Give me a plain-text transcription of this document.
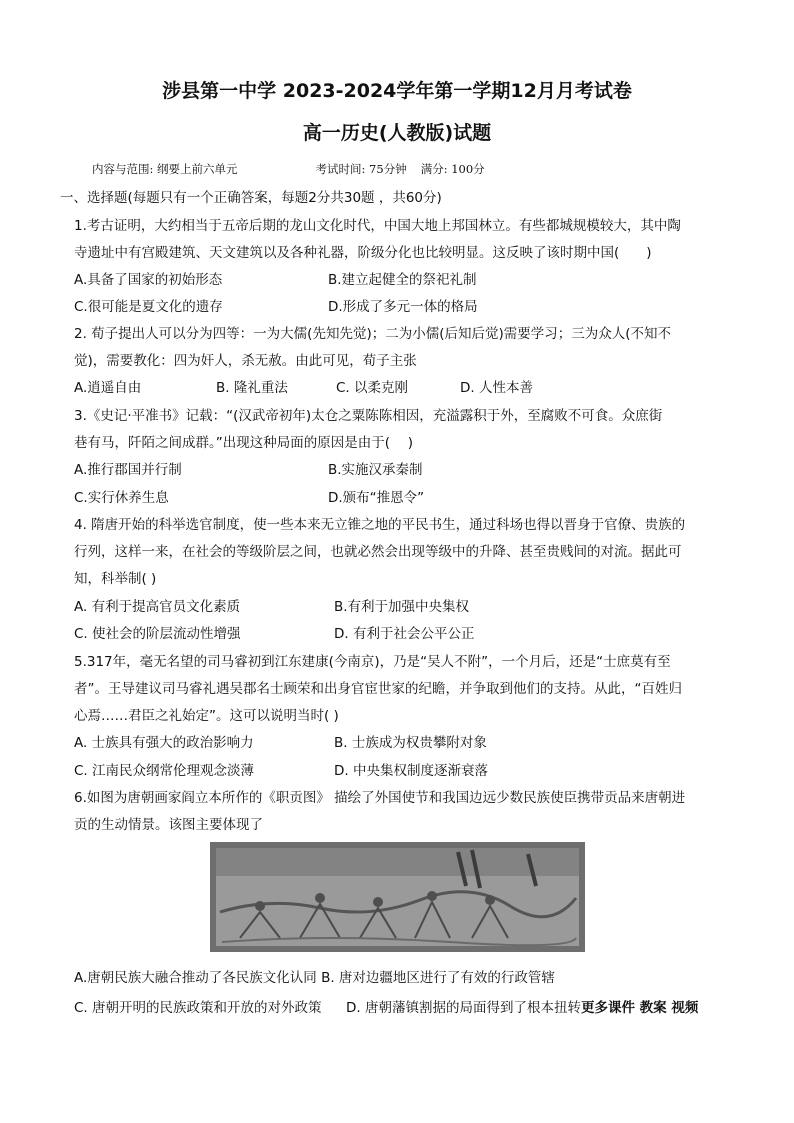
涉县第一中学 2023-2024学年第一学期12月月考试卷
高一历史(人教版)试题
内容与范围: 纲要上前六单元	考试时间: 75分钟 满分: 100分
一、选择题(每题只有一个正确答案，每题2分共30题 ，共60分)
1.考古证明，大约相当于五帝后期的龙山文化时代，中国大地上邦国林立。有些都城规模较大，其中陶
寺遗址中有宫殿建筑、天文建筑以及各种礼器，阶级分化也比较明显。这反映了该时期中国(　　)
A.具备了国家的初始形态	B.建立起健全的祭祀礼制
C.很可能是夏文化的遗存	D.形成了多元一体的格局
2. 荀子提出人可以分为四等：一为大儒(先知先觉)；二为小儒(后知后觉)需要学习；三为众人(不知不
觉)，需要教化：四为奸人，杀无赦。由此可见，荀子主张
A.逍遥自由	B. 隆礼重法	C. 以柔克刚	D. 人性本善
3.《史记·平准书》记载：“(汉武帝初年)太仓之粟陈陈相因，充溢露积于外，至腐败不可食。众庶街
巷有马，阡陌之间成群。”出现这种局面的原因是由于(　 )
A.推行郡国并行制	B.实施汉承秦制
C.实行休养生息	D.颁布“推恩令”
4. 隋唐开始的科举选官制度，使一些本来无立锥之地的平民书生，通过科场也得以晋身于官僚、贵族的
行列，这样一来，在社会的等级阶层之间，也就必然会出现等级中的升降、甚至贵贱间的对流。据此可
知，科举制( )
A. 有利于提高官员文化素质	B.有利于加强中央集权
C. 使社会的阶层流动性增强	D. 有利于社会公平公正
5.317年，毫无名望的司马睿初到江东建康(今南京)，乃是“吴人不附”，一个月后，还是“士庶莫有至
者”。王导建议司马睿礼遇吴郡名士顾荣和出身官宦世家的纪瞻，并争取到他们的支持。从此，“百姓归
心焉……君臣之礼始定”。这可以说明当时( )
A. 士族具有强大的政治影响力	B. 士族成为权贵攀附对象
C. 江南民众纲常伦理观念淡薄	D. 中央集权制度逐渐衰落
6.如图为唐朝画家阎立本所作的《职贡图》 描绘了外国使节和我国边远少数民族使臣携带贡品来唐朝进
贡的生动情景。该图主要体现了
A.唐朝民族大融合推动了各民族文化认同 B. 唐对边疆地区进行了有效的行政管辖
C. 唐朝开明的民族政策和开放的对外政策 D. 唐朝藩镇割据的局面得到了根本扭转更多课件 教案 视频
